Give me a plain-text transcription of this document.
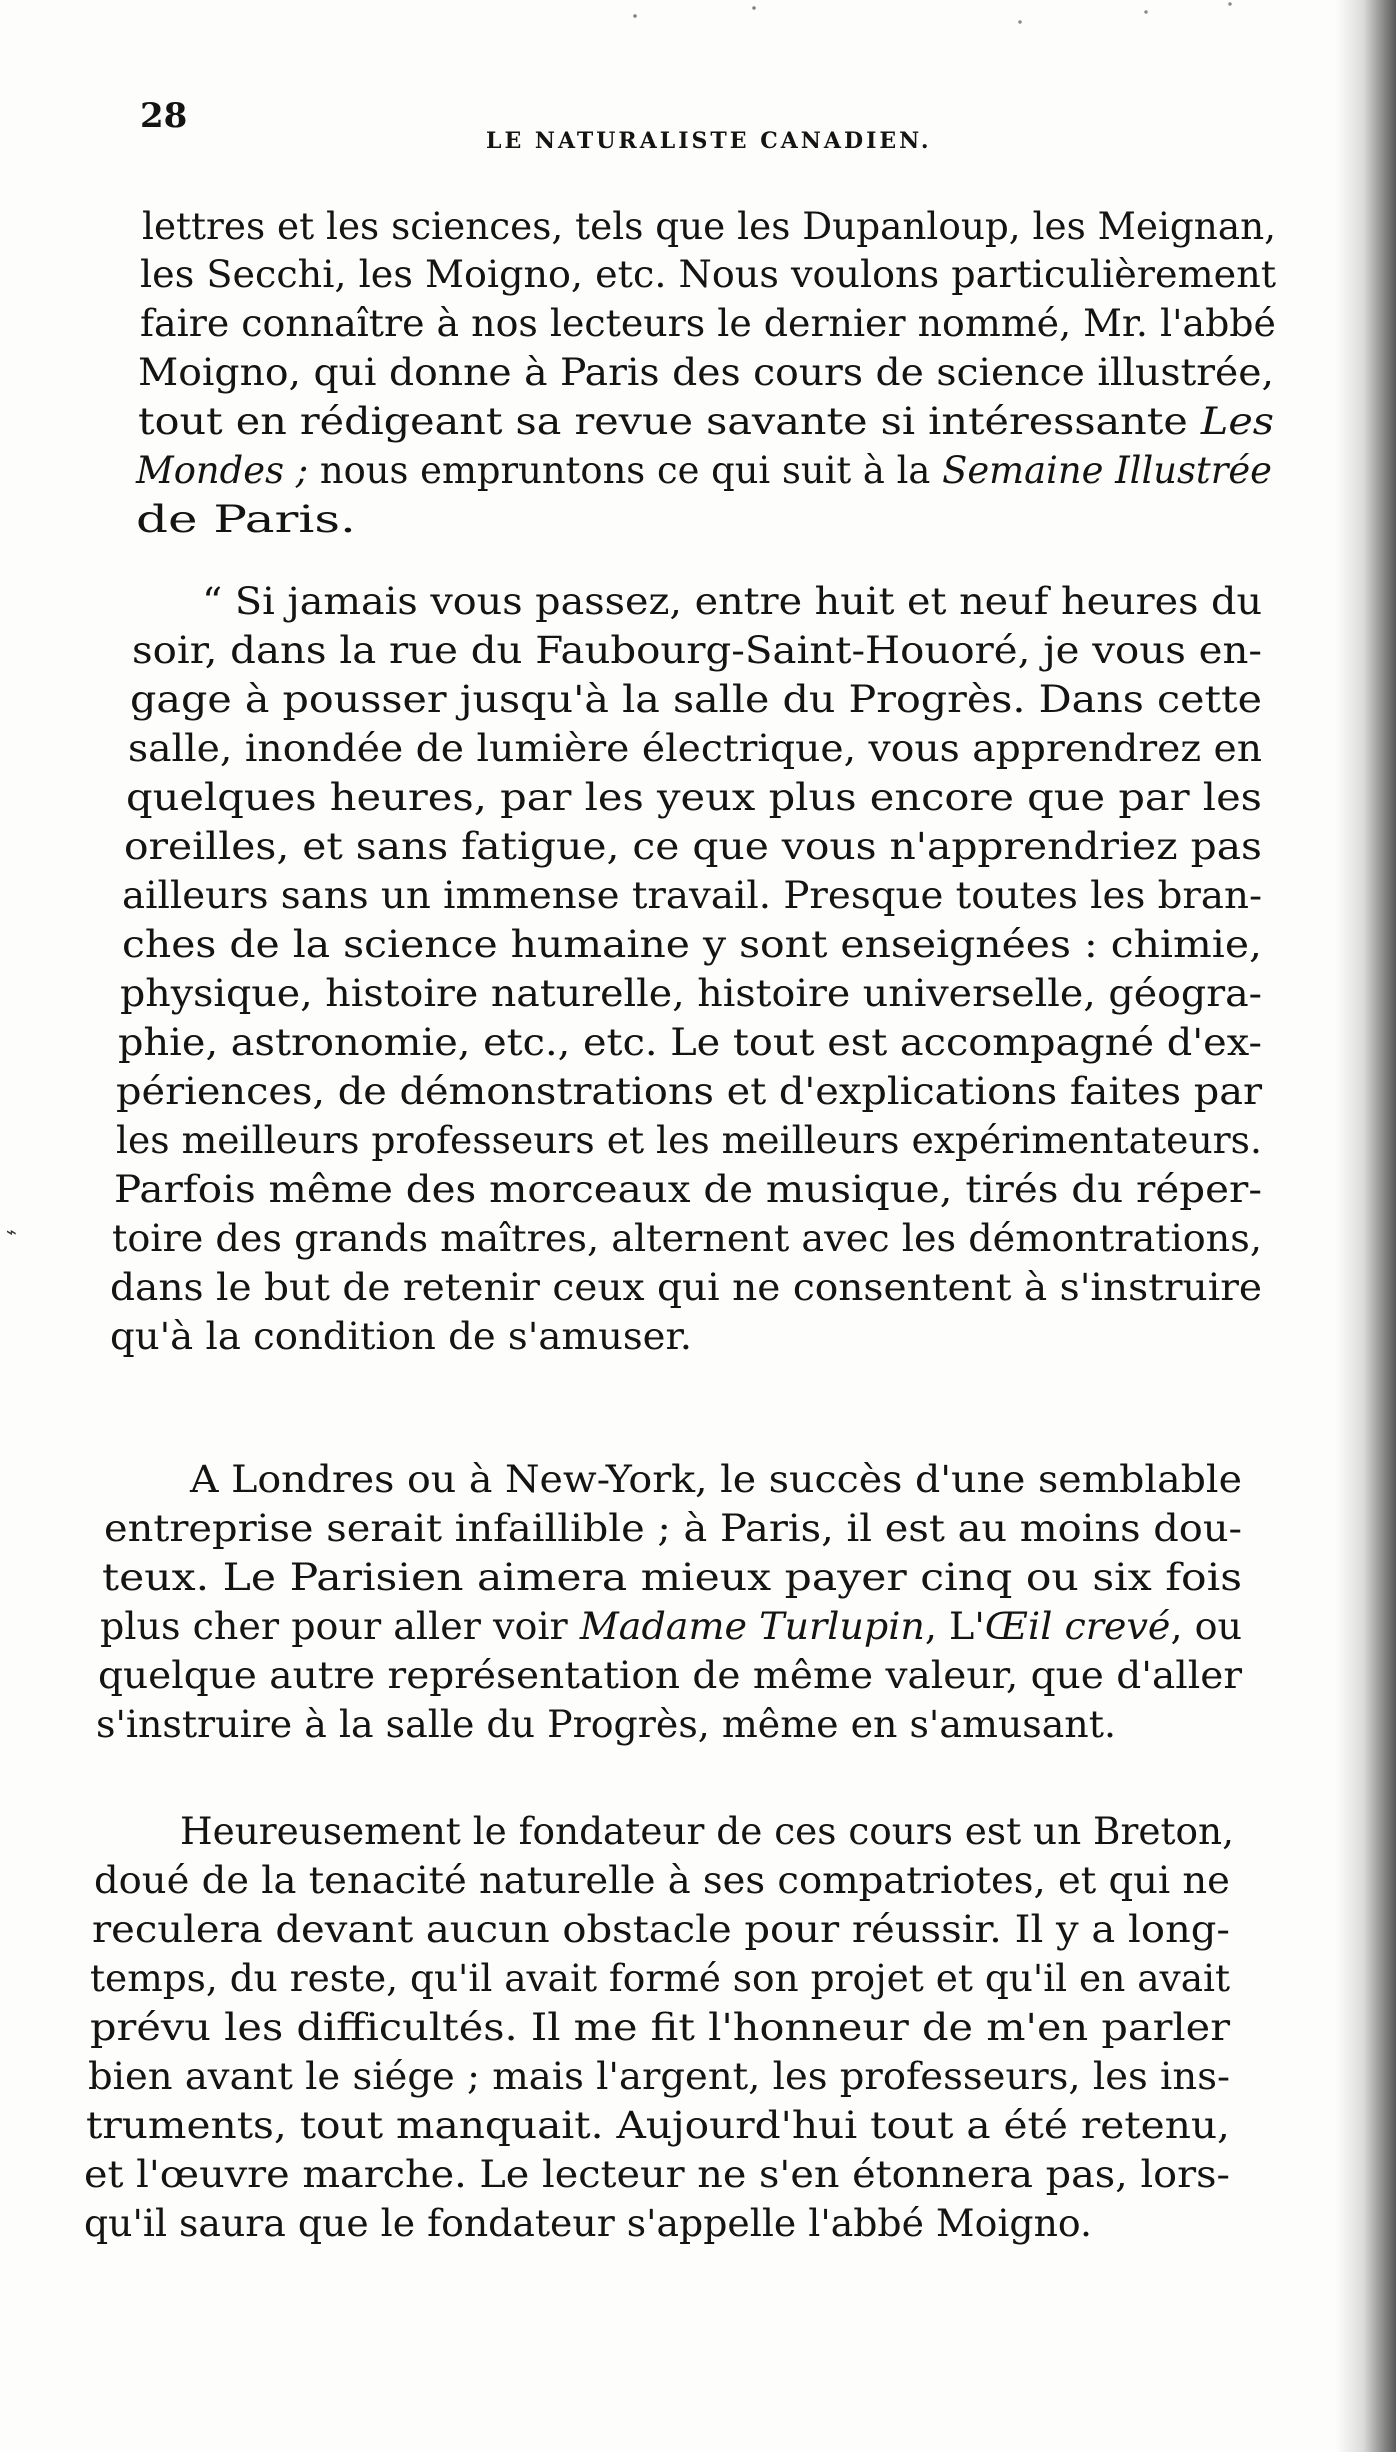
⌁
28
LE NATURALISTE CANADIEN.
lettres et les sciences, tels que les Dupanloup, les Meignan,
les Secchi, les Moigno, etc. Nous voulons particulièrement
faire connaître à nos lecteurs le dernier nommé, Mr. l'abbé
Moigno, qui donne à Paris des cours de science illustrée,
tout en rédigeant sa revue savante si intéressante Les
Mondes ; nous empruntons ce qui suit à la Semaine Illustrée
de Paris.
“ Si jamais vous passez, entre huit et neuf heures du
soir, dans la rue du Faubourg-Saint-Houoré, je vous en-
gage à pousser jusqu'à la salle du Progrès. Dans cette
salle, inondée de lumière électrique, vous apprendrez en
quelques heures, par les yeux plus encore que par les
oreilles, et sans fatigue, ce que vous n'apprendriez pas
ailleurs sans un immense travail. Presque toutes les bran-
ches de la science humaine y sont enseignées : chimie,
physique, histoire naturelle, histoire universelle, géogra-
phie, astronomie, etc., etc. Le tout est accompagné d'ex-
périences, de démonstrations et d'explications faites par
les meilleurs professeurs et les meilleurs expérimentateurs.
Parfois même des morceaux de musique, tirés du réper-
toire des grands maîtres, alternent avec les démontrations,
dans le but de retenir ceux qui ne consentent à s'instruire
qu'à la condition de s'amuser.
A Londres ou à New-York, le succès d'une semblable
entreprise serait infaillible ; à Paris, il est au moins dou-
teux. Le Parisien aimera mieux payer cinq ou six fois
plus cher pour aller voir Madame Turlupin, L'Œil crevé, ou
quelque autre représentation de même valeur, que d'aller
s'instruire à la salle du Progrès, même en s'amusant.
Heureusement le fondateur de ces cours est un Breton,
doué de la tenacité naturelle à ses compatriotes, et qui ne
reculera devant aucun obstacle pour réussir. Il y a long-
temps, du reste, qu'il avait formé son projet et qu'il en avait
prévu les difficultés. Il me fit l'honneur de m'en parler
bien avant le siége ; mais l'argent, les professeurs, les ins-
truments, tout manquait. Aujourd'hui tout a été retenu,
et l'œuvre marche. Le lecteur ne s'en étonnera pas, lors-
qu'il saura que le fondateur s'appelle l'abbé Moigno.
